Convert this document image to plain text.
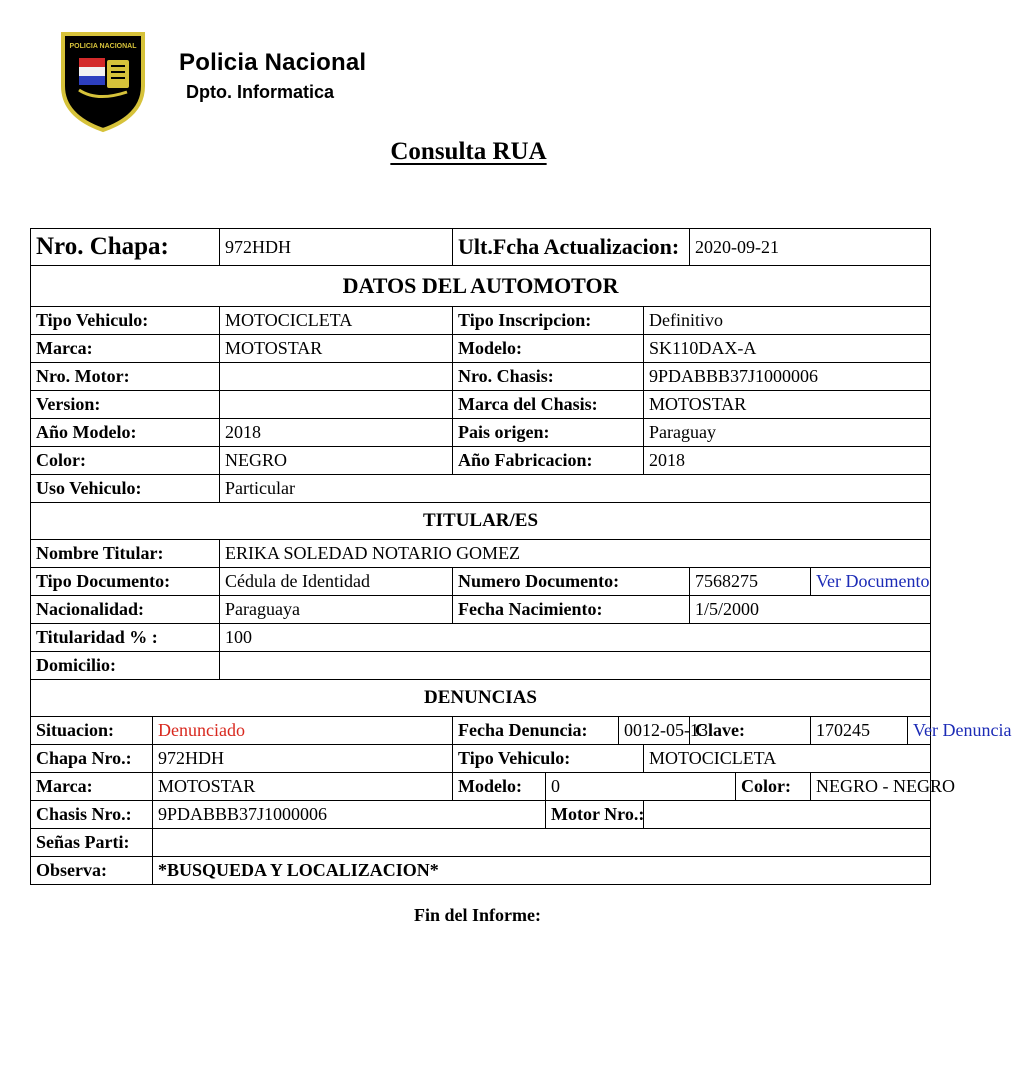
POLICIA NACIONAL
Policia Nacional
Dpto. Informatica
Consulta RUA
Nro. Chapa:		972HDH	Ult.Fcha Actualizacion:				2020-09-21				
DATOS DEL AUTOMOTOR											
Tipo Vehiculo:		MOTOCICLETA	Tipo Inscripcion:			Definitivo					
Marca:		MOTOSTAR	Modelo:			SK110DAX-A					
Nro. Motor:			Nro. Chasis:			9PDABBB37J1000006					
Version:			Marca del Chasis:			MOTOSTAR					
Año Modelo:		2018	Pais origen:			Paraguay					
Color:		NEGRO	Año Fabricacion:			2018					
Uso Vehiculo:		Particular									
TITULAR/ES											
Nombre Titular:		ERIKA SOLEDAD NOTARIO GOMEZ									
Tipo Documento:		Cédula de Identidad	Numero Documento:				7568275		Ver Documento		
Nacionalidad:		Paraguaya	Fecha Nacimiento:				1/5/2000				
Titularidad % :		100									
Domicilio:											
DENUNCIAS											
Situacion:	Denunciado		Fecha Denuncia:		0012-05-13		Clave:		170245	Ver Denuncia	
Chapa Nro.:	972HDH		Tipo Vehiculo:			MOTOCICLETA					
Marca:	MOTOSTAR		Modelo:	0				Color:	NEGRO - NEGRO		
Chasis Nro.:	9PDABBB37J1000006			Motor Nro.:							
Señas Parti:											
Observa:	*BUSQUEDA Y LOCALIZACION*										
Fin del Informe:
